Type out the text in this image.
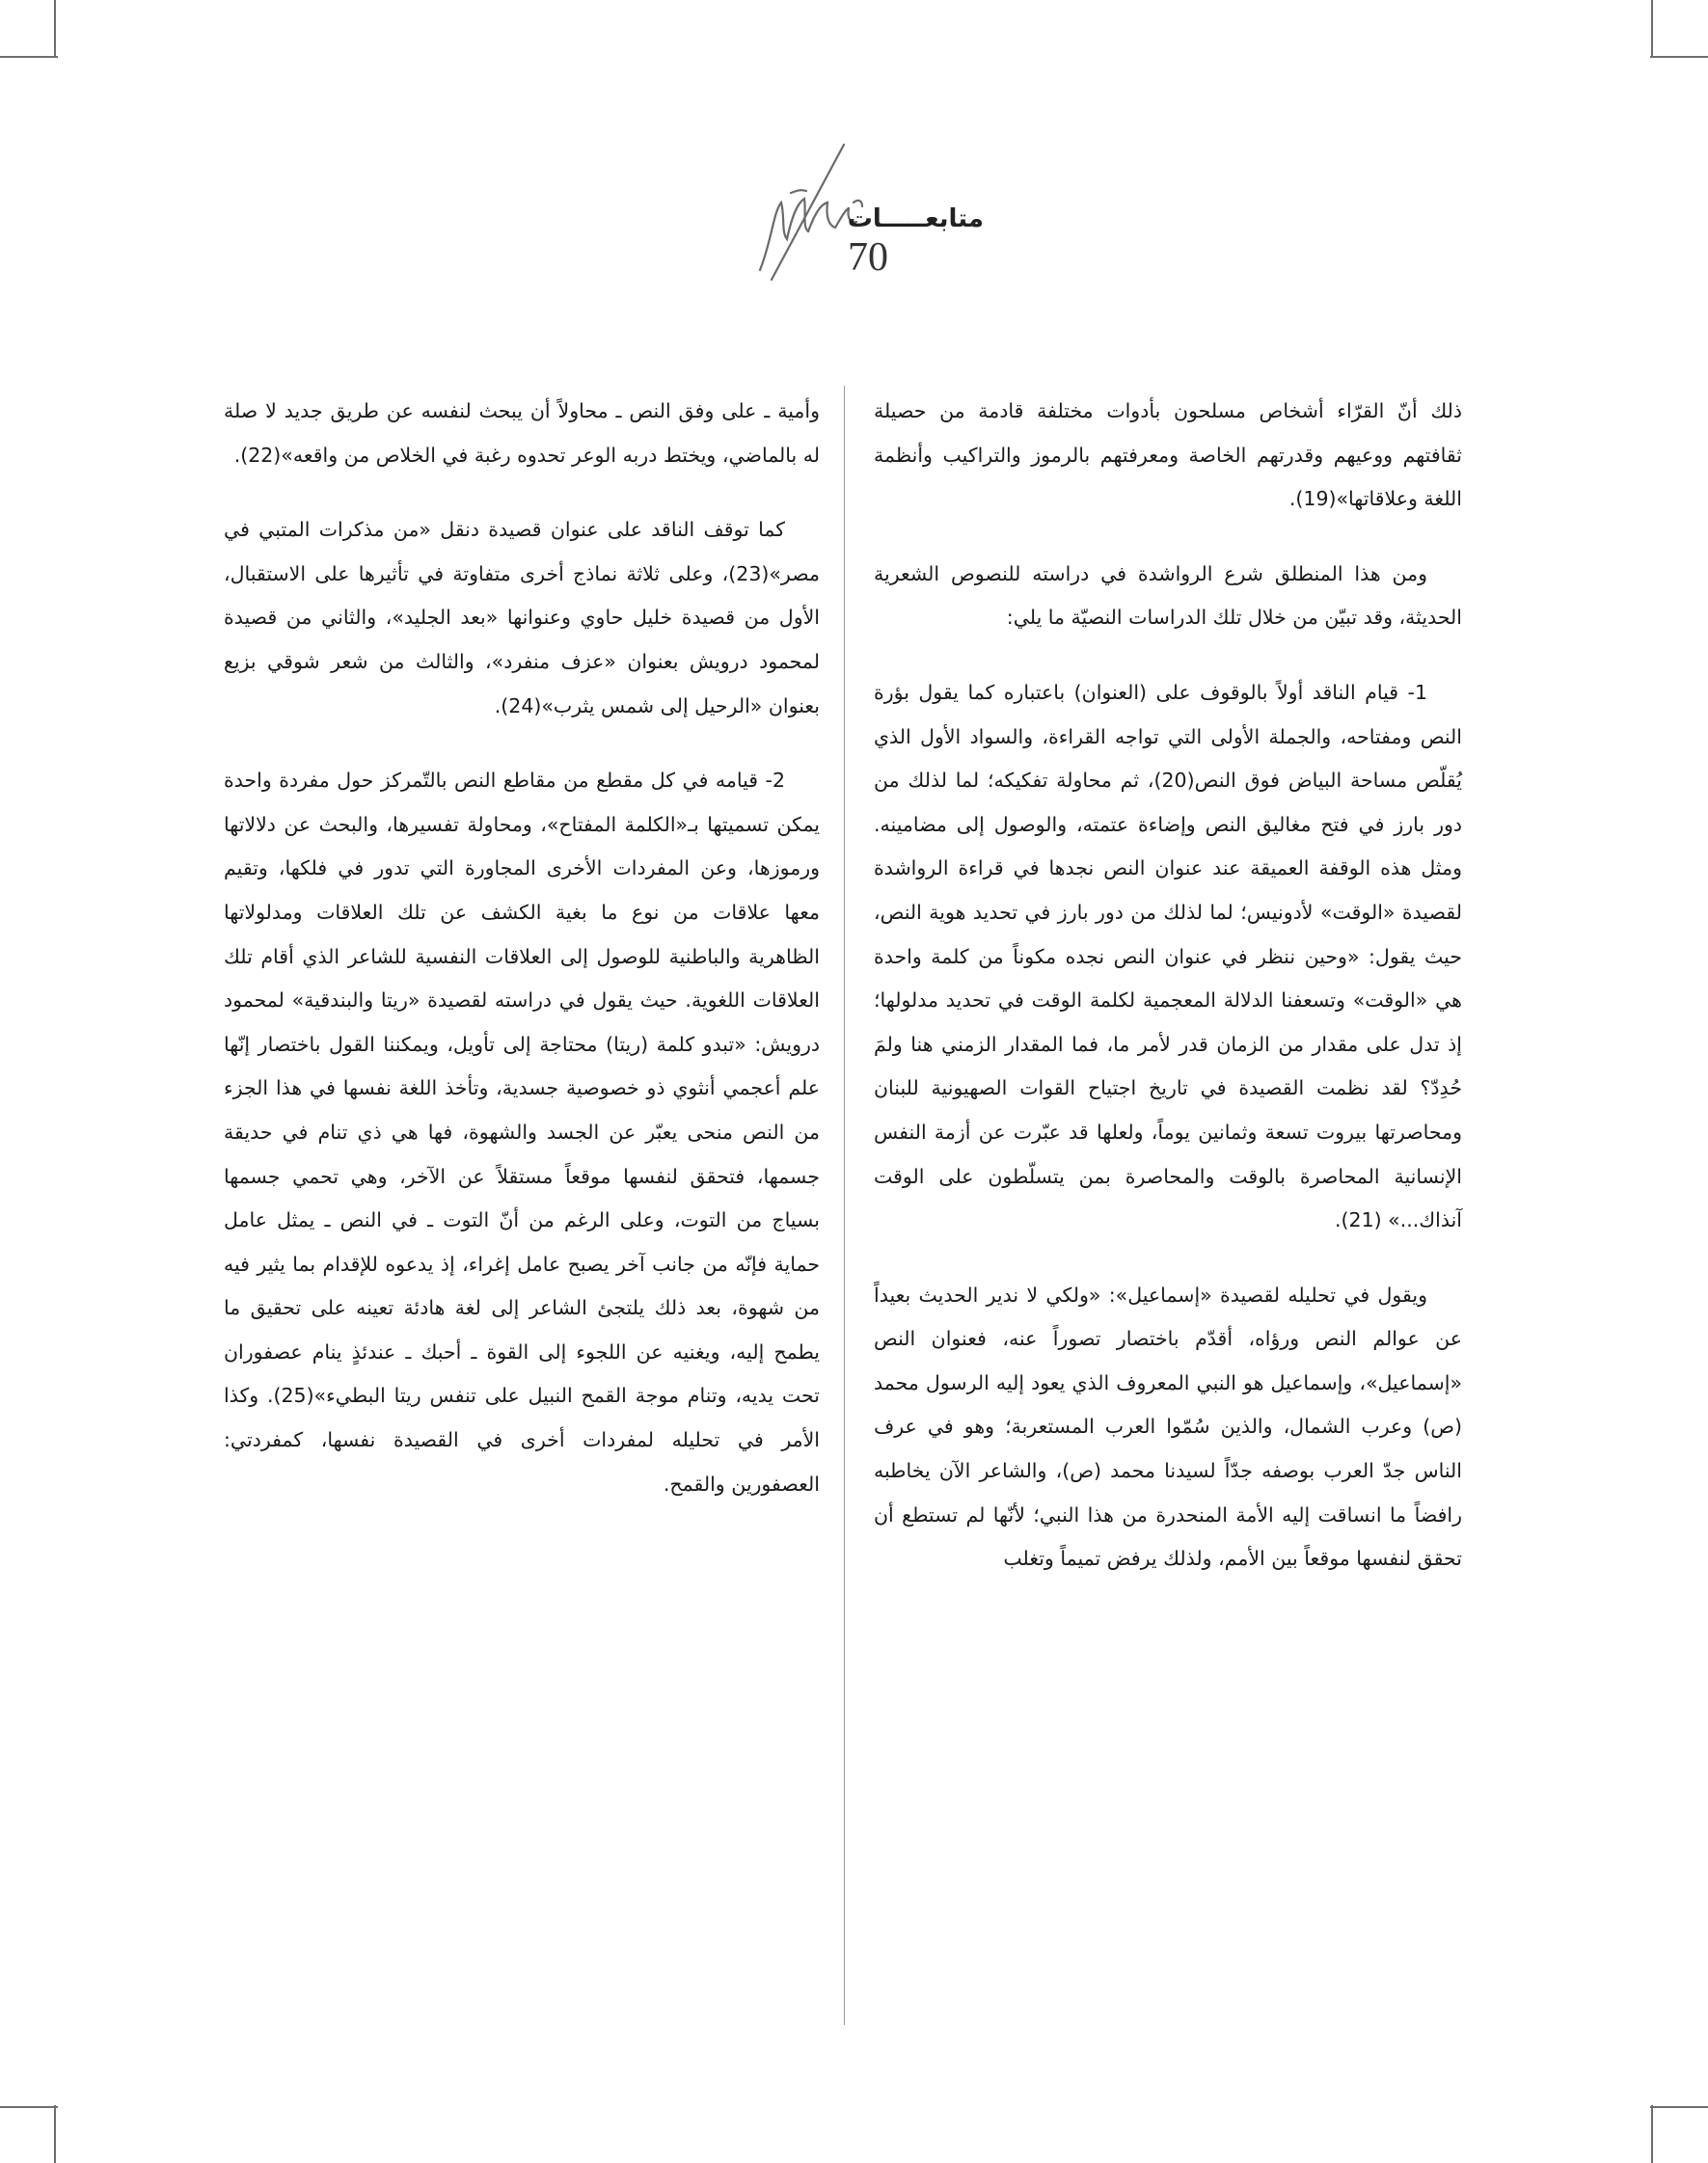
متابعـــــات
70

ذلك أنّ القرّاء أشخاص مسلحون بأدوات مختلفة قادمة من حصيلة ثقافتهم ووعيهم وقدرتهم الخاصة ومعرفتهم بالرموز والتراكيب وأنظمة اللغة وعلاقاتها»(19).

ومن هذا المنطلق شرع الرواشدة في دراسته للنصوص الشعرية الحديثة، وقد تبيّن من خلال تلك الدراسات النصيّة ما يلي:

1- قيام الناقد أولاً بالوقوف على (العنوان) باعتباره كما يقول بؤرة النص ومفتاحه، والجملة الأولى التي تواجه القراءة، والسواد الأول الذي يُقلّص مساحة البياض فوق النص(20)، ثم محاولة تفكيكه؛ لما لذلك من دور بارز في فتح مغاليق النص وإضاءة عتمته، والوصول إلى مضامينه. ومثل هذه الوقفة العميقة عند عنوان النص نجدها في قراءة الرواشدة لقصيدة «الوقت» لأدونيس؛ لما لذلك من دور بارز في تحديد هوية النص، حيث يقول: «وحين ننظر في عنوان النص نجده مكوناً من كلمة واحدة هي «الوقت» وتسعفنا الدلالة المعجمية لكلمة الوقت في تحديد مدلولها؛ إذ تدل على مقدار من الزمان قدر لأمر ما، فما المقدار الزمني هنا ولمَ حُدِدّ؟ لقد نظمت القصيدة في تاريخ اجتياح القوات الصهيونية للبنان ومحاصرتها بيروت تسعة وثمانين يوماً، ولعلها قد عبّرت عن أزمة النفس الإنسانية المحاصرة بالوقت والمحاصرة بمن يتسلّطون على الوقت آنذاك...» (21).

ويقول في تحليله لقصيدة «إسماعيل»: «ولكي لا ندير الحديث بعيداً عن عوالم النص ورؤاه، أقدّم باختصار تصوراً عنه، فعنوان النص «إسماعيل»، وإسماعيل هو النبي المعروف الذي يعود إليه الرسول محمد (ص) وعرب الشمال، والذين سُمّوا العرب المستعربة؛ وهو في عرف الناس جدّ العرب بوصفه جدّاً لسيدنا محمد (ص)، والشاعر الآن يخاطبه رافضاً ما انساقت إليه الأمة المنحدرة من هذا النبي؛ لأنّها لم تستطع أن تحقق لنفسها موقعاً بين الأمم، ولذلك يرفض تميماً وتغلب

وأمية ـ على وفق النص ـ محاولاً أن يبحث لنفسه عن طريق جديد لا صلة له بالماضي، ويختط دربه الوعر تحدوه رغبة في الخلاص من واقعه»(22).

كما توقف الناقد على عنوان قصيدة دنقل «من مذكرات المتبي في مصر»(23)، وعلى ثلاثة نماذج أخرى متفاوتة في تأثيرها على الاستقبال، الأول من قصيدة خليل حاوي وعنوانها «بعد الجليد»، والثاني من قصيدة لمحمود درويش بعنوان «عزف منفرد»، والثالث من شعر شوقي بزيع بعنوان «الرحيل إلى شمس يثرب»(24).

2- قيامه في كل مقطع من مقاطع النص بالتّمركز حول مفردة واحدة يمكن تسميتها بـ«الكلمة المفتاح»، ومحاولة تفسيرها، والبحث عن دلالاتها ورموزها، وعن المفردات الأخرى المجاورة التي تدور في فلكها، وتقيم معها علاقات من نوع ما بغية الكشف عن تلك العلاقات ومدلولاتها الظاهرية والباطنية للوصول إلى العلاقات النفسية للشاعر الذي أقام تلك العلاقات اللغوية. حيث يقول في دراسته لقصيدة «ريتا والبندقية» لمحمود درويش: «تبدو كلمة (ريتا) محتاجة إلى تأويل، ويمكننا القول باختصار إنّها علم أعجمي أنثوي ذو خصوصية جسدية، وتأخذ اللغة نفسها في هذا الجزء من النص منحى يعبّر عن الجسد والشهوة، فها هي ذي تنام في حديقة جسمها، فتحقق لنفسها موقعاً مستقلاً عن الآخر، وهي تحمي جسمها بسياج من التوت، وعلى الرغم من أنّ التوت ـ في النص ـ يمثل عامل حماية فإنّه من جانب آخر يصبح عامل إغراء، إذ يدعوه للإقدام بما يثير فيه من شهوة، بعد ذلك يلتجئ الشاعر إلى لغة هادئة تعينه على تحقيق ما يطمح إليه، ويغنيه عن اللجوء إلى القوة ـ أحبك ـ عندئذٍ ينام عصفوران تحت يديه، وتنام موجة القمح النبيل على تنفس ريتا البطيء»(25). وكذا الأمر في تحليله لمفردات أخرى في القصيدة نفسها، كمفردتي: العصفورين والقمح.
